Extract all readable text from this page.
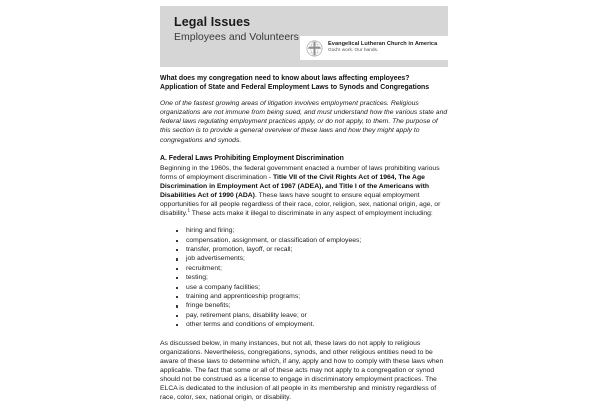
Legal Issues
Employees and Volunteers
Evangelical Lutheran Church in America
God's work. Our hands.
What does my congregation need to know about laws affecting employees?
Application of State and Federal Employment Laws to Synods and Congregations

One of the fastest growing areas of litigation involves employment practices. Religious organizations are not immune from being sued, and must understand how the various state and federal laws regulating employment practices apply, or do not apply, to them. The purpose of this section is to provide a general overview of these laws and how they might apply to congregations and synods.

A. Federal Laws Prohibiting Employment Discrimination

Beginning in the 1960s, the federal government enacted a number of laws prohibiting various forms of employment discrimination - Title VII of the Civil Rights Act of 1964, The Age Discrimination in Employment Act of 1967 (ADEA), and Title I of the Americans with Disabilities Act of 1990 (ADA). These laws have sought to ensure equal employment opportunities for all people regardless of their race, color, religion, sex, national origin, age, or disability.$^1$ These acts make it illegal to discriminate in any aspect of employment including:

hiring and firing;
compensation, assignment, or classification of employees;
transfer, promotion, layoff, or recall;
job advertisements;
recruitment;
testing;
use a company facilities;
training and apprenticeship programs;
fringe benefits;
pay, retirement plans, disability leave; or
other terms and conditions of employment.

As discussed below, in many instances, but not all, these laws do not apply to religious organizations. Nevertheless, congregations, synods, and other religious entities need to be aware of these laws to determine which, if any, apply and how to comply with these laws when applicable. The fact that some or all of these acts may not apply to a congregation or synod should not be construed as a license to engage in discriminatory employment practices. The ELCA is dedicated to the inclusion of all people in its membership and ministry regardless of race, color, sex, national origin, or disability.
